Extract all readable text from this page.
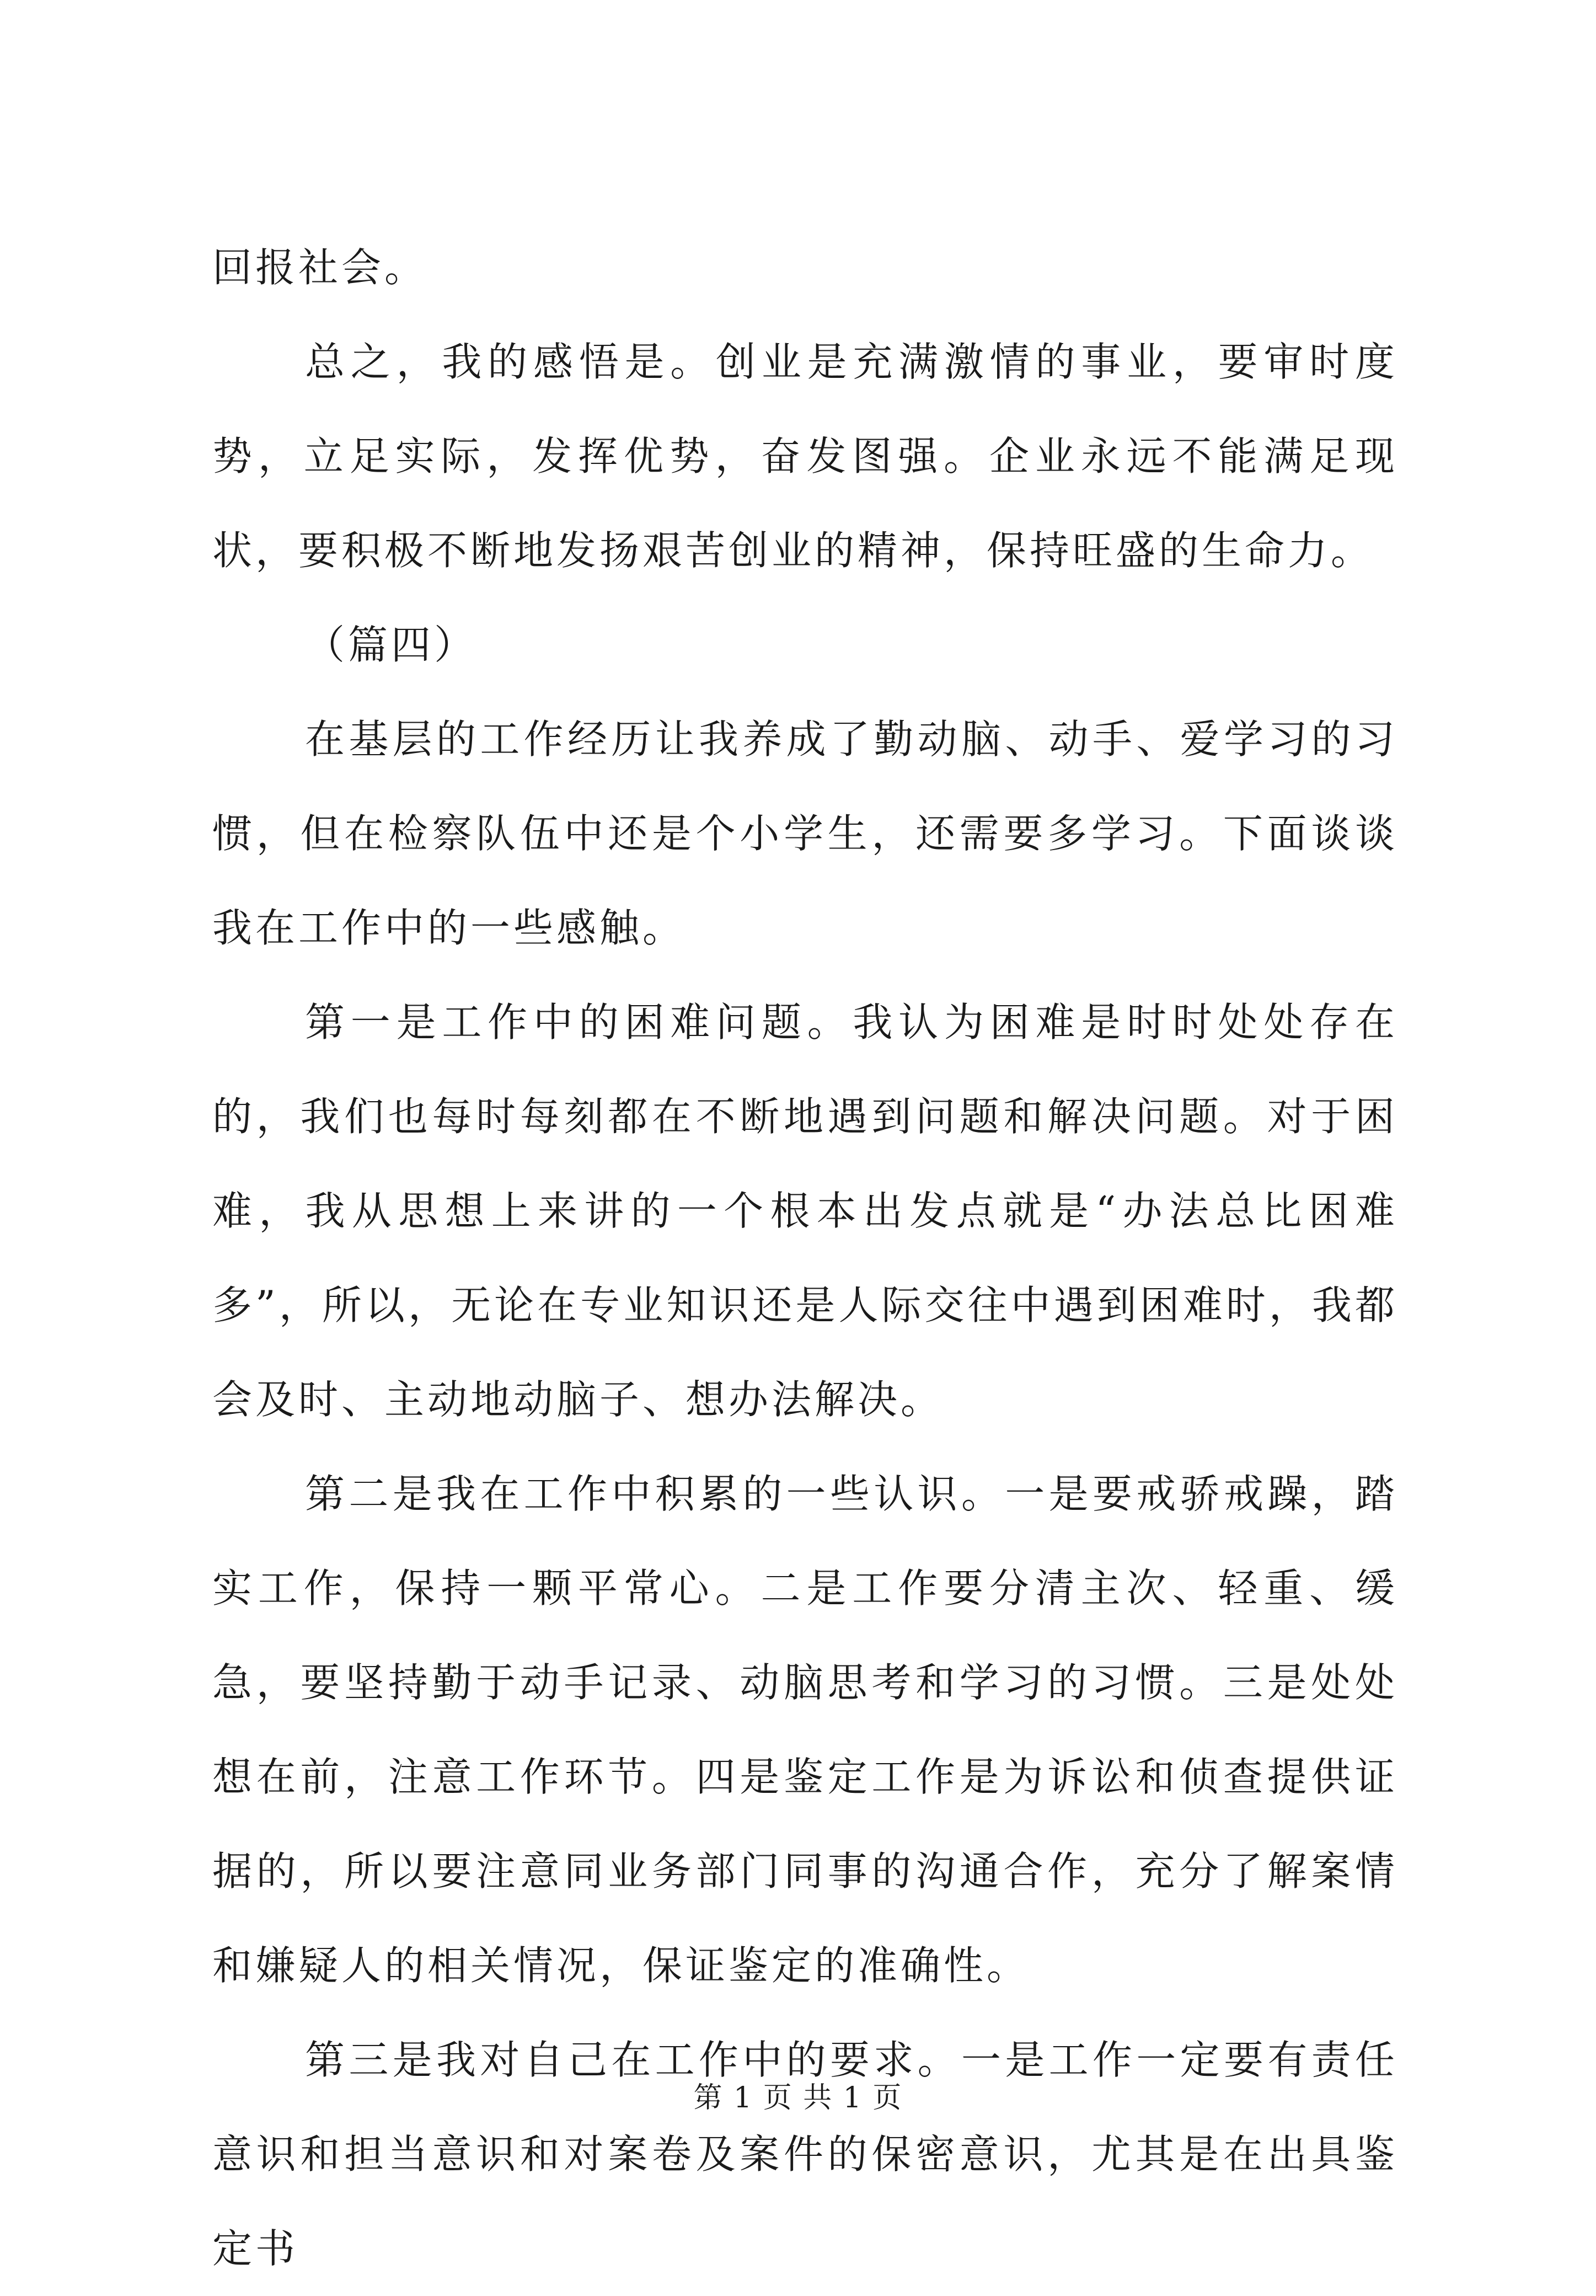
回报社会。

总之，我的感悟是。创业是充满激情的事业，要审时度势，立足实际，发挥优势，奋发图强。企业永远不能满足现状，要积极不断地发扬艰苦创业的精神，保持旺盛的生命力。

（篇四）

在基层的工作经历让我养成了勤动脑、动手、爱学习的习惯，但在检察队伍中还是个小学生，还需要多学习。下面谈谈我在工作中的一些感触。

第一是工作中的困难问题。我认为困难是时时处处存在的，我们也每时每刻都在不断地遇到问题和解决问题。对于困难，我从思想上来讲的一个根本出发点就是“办法总比困难多”，所以，无论在专业知识还是人际交往中遇到困难时，我都会及时、主动地动脑子、想办法解决。

第二是我在工作中积累的一些认识。一是要戒骄戒躁，踏实工作，保持一颗平常心。二是工作要分清主次、轻重、缓急，要坚持勤于动手记录、动脑思考和学习的习惯。三是处处想在前，注意工作环节。四是鉴定工作是为诉讼和侦查提供证据的，所以要注意同业务部门同事的沟通合作，充分了解案情和嫌疑人的相关情况，保证鉴定的准确性。

第三是我对自己在工作中的要求。一是工作一定要有责任意识和担当意识和对案卷及案件的保密意识，尤其是在出具鉴定书

第 1 页 共 1 页
